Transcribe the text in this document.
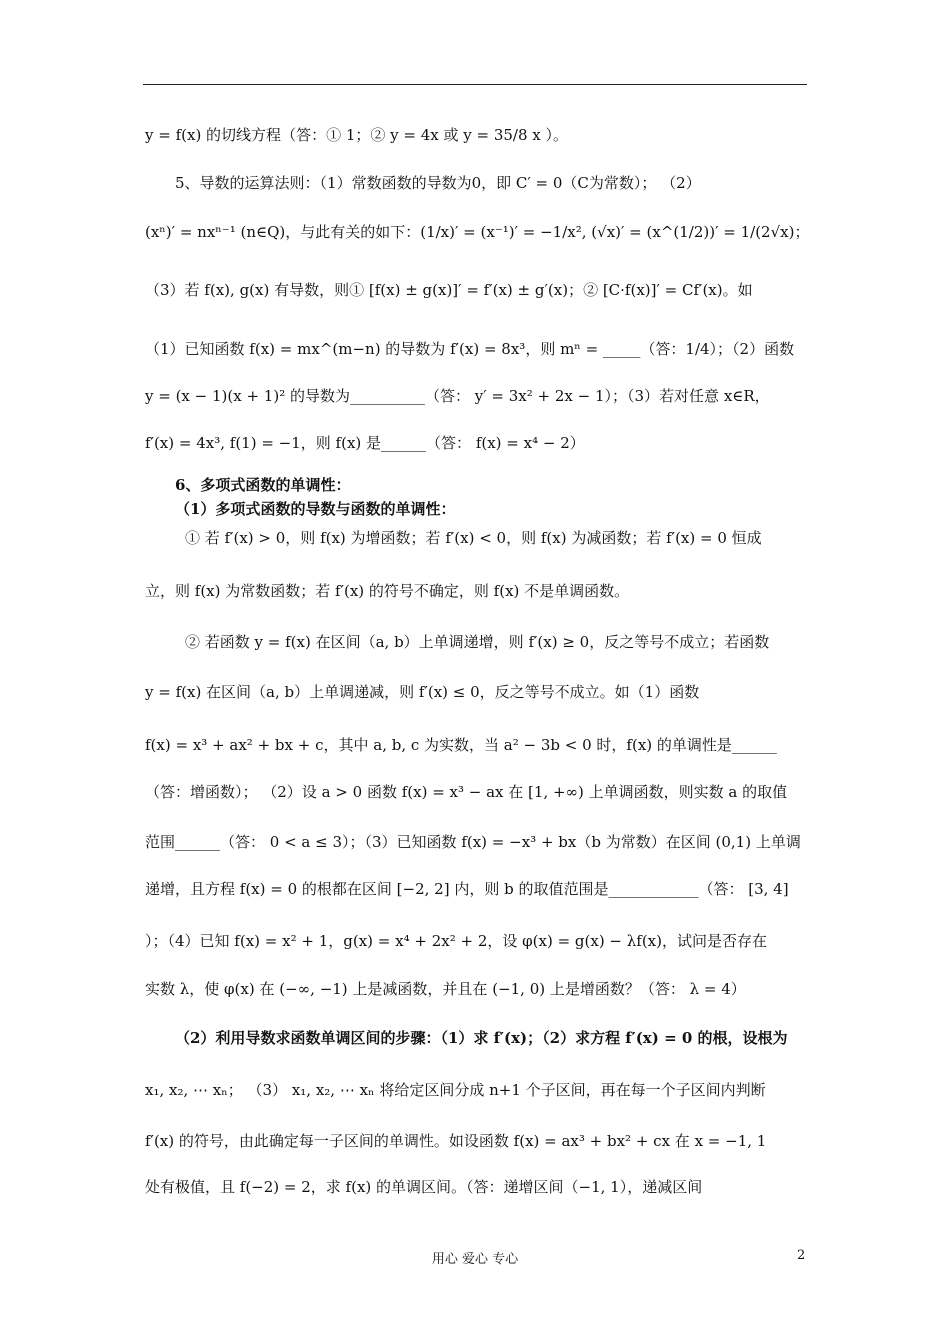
y = f(x) 的切线方程（答：① 1；② y = 4x 或 y = 35/8 x ）。
5、导数的运算法则：（1）常数函数的导数为0，即 C′ = 0（C为常数）； （2）
(xⁿ)′ = nxⁿ⁻¹ (n∈Q)，与此有关的如下：(1/x)′ = (x⁻¹)′ = −1/x², (√x)′ = (x^(1/2))′ = 1/(2√x)；
（3）若 f(x), g(x) 有导数，则① [f(x) ± g(x)]′ = f′(x) ± g′(x)；② [C·f(x)]′ = Cf′(x)。如
（1）已知函数 f(x) = mx^(m−n) 的导数为 f′(x) = 8x³，则 mⁿ = _____（答：1/4）；（2）函数
y = (x − 1)(x + 1)² 的导数为__________（答： y′ = 3x² + 2x − 1）；（3）若对任意 x∈R，
f′(x) = 4x³, f(1) = −1，则 f(x) 是______（答： f(x) = x⁴ − 2）
6、多项式函数的单调性：
（1）多项式函数的导数与函数的单调性：
① 若 f′(x) > 0，则 f(x) 为增函数；若 f′(x) < 0，则 f(x) 为减函数；若 f′(x) = 0 恒成
立，则 f(x) 为常数函数；若 f′(x) 的符号不确定，则 f(x) 不是单调函数。
② 若函数 y = f(x) 在区间（a, b）上单调递增，则 f′(x) ≥ 0，反之等号不成立；若函数
y = f(x) 在区间（a, b）上单调递减，则 f′(x) ≤ 0，反之等号不成立。如（1）函数
f(x) = x³ + ax² + bx + c，其中 a, b, c 为实数，当 a² − 3b < 0 时，f(x) 的单调性是______
（答：增函数）； （2）设 a > 0 函数 f(x) = x³ − ax 在 [1, +∞) 上单调函数，则实数 a 的取值
范围______（答： 0 < a ≤ 3）；（3）已知函数 f(x) = −x³ + bx（b 为常数）在区间 (0,1) 上单调
递增，且方程 f(x) = 0 的根都在区间 [−2, 2] 内，则 b 的取值范围是____________（答： [3, 4]
）；（4）已知 f(x) = x² + 1，g(x) = x⁴ + 2x² + 2，设 φ(x) = g(x) − λf(x)，试问是否存在
实数 λ，使 φ(x) 在 (−∞, −1) 上是减函数，并且在 (−1, 0) 上是增函数？（答： λ = 4）
（2）利用导数求函数单调区间的步骤：（1）求 f′(x)；（2）求方程 f′(x) = 0 的根，设根为
x₁, x₂, ⋯ xₙ； （3） x₁, x₂, ⋯ xₙ 将给定区间分成 n+1 个子区间，再在每一个子区间内判断
f′(x) 的符号，由此确定每一子区间的单调性。如设函数 f(x) = ax³ + bx² + cx 在 x = −1, 1
处有极值，且 f(−2) = 2，求 f(x) 的单调区间。（答：递增区间（−1, 1），递减区间
用心 爱心 专心	2
